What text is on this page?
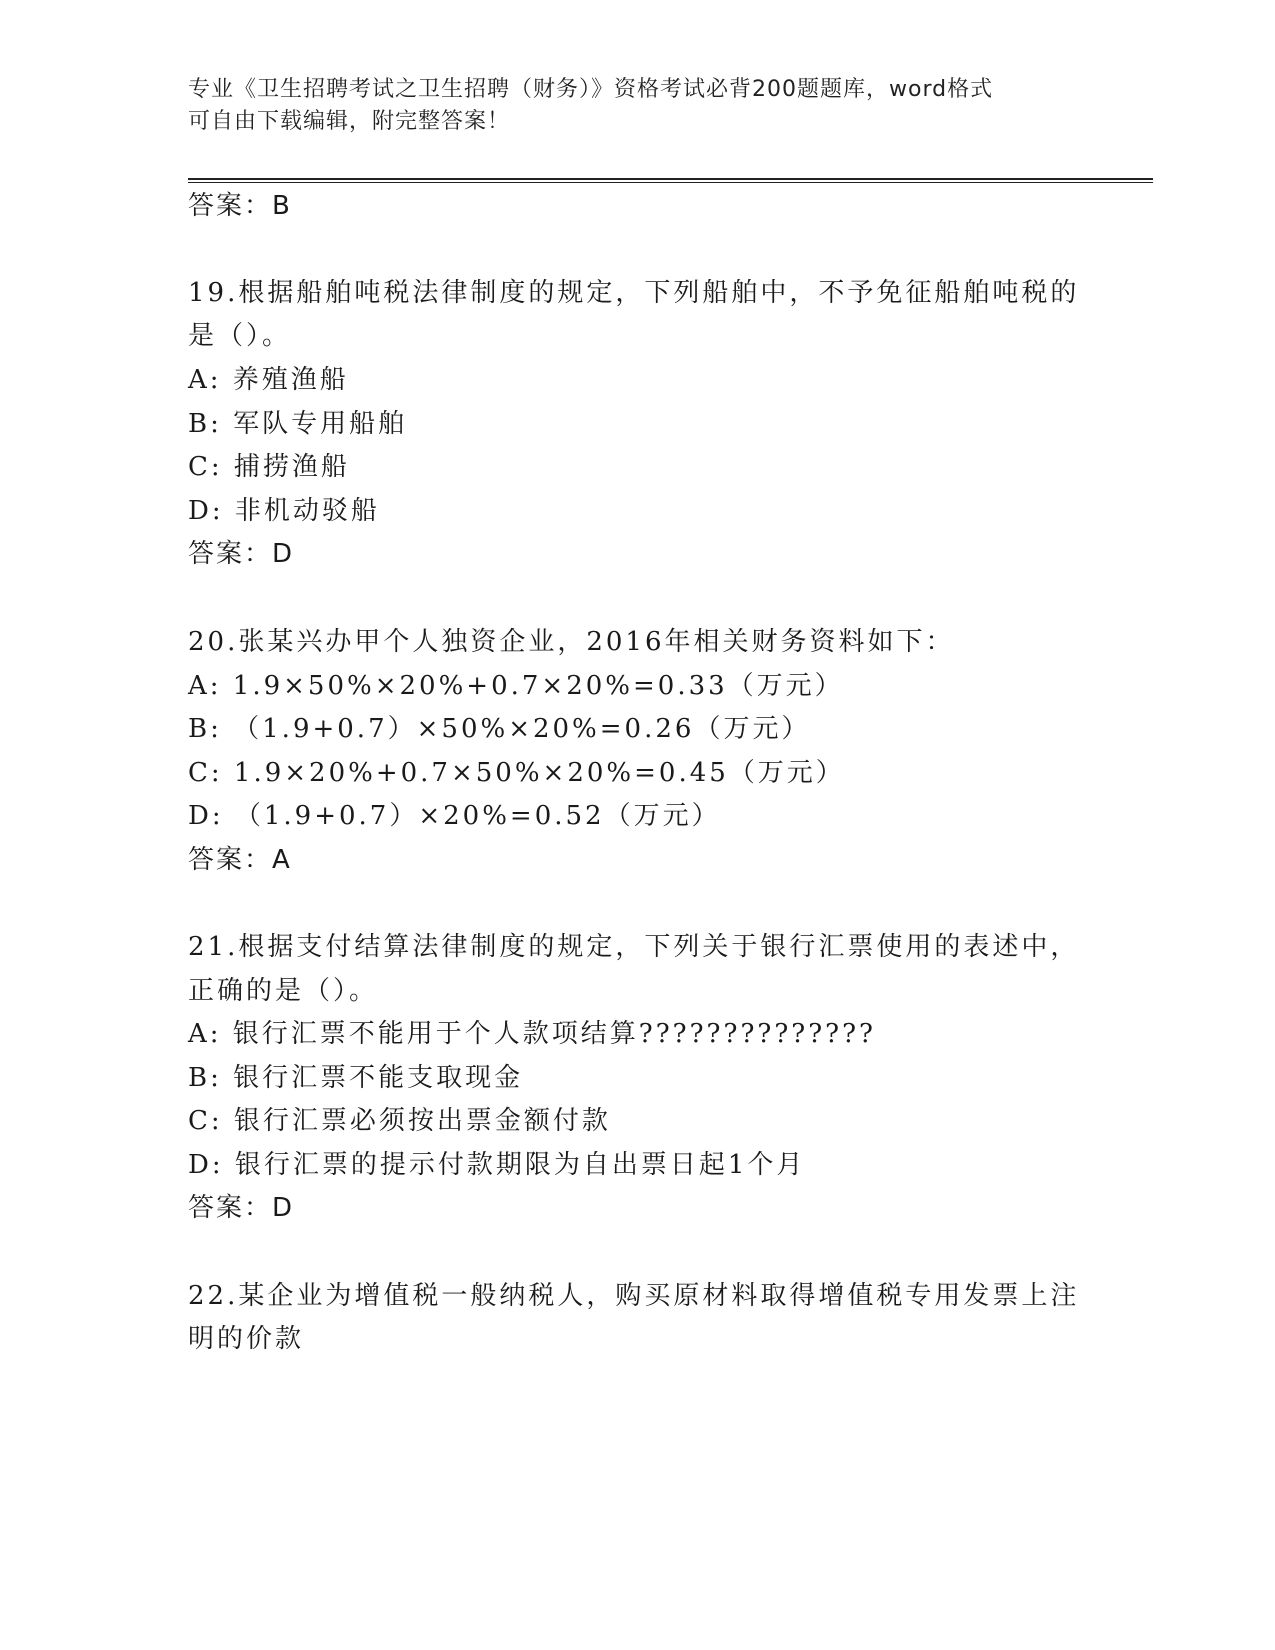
专业《卫生招聘考试之卫生招聘（财务）》资格考试必背200题题库，word格式
可自由下载编辑，附完整答案！
答案：B
19.根据船舶吨税法律制度的规定，下列船舶中，不予免征船舶吨税的
是（）。
A: 养殖渔船
B: 军队专用船舶
C: 捕捞渔船
D: 非机动驳船
答案：D
20.张某兴办甲个人独资企业，2016年相关财务资料如下：
A: 1.9×50%×20%+0.7×20%=0.33（万元）
B: （1.9+0.7）×50%×20%=0.26（万元）
C: 1.9×20%+0.7×50%×20%=0.45（万元）
D: （1.9+0.7）×20%=0.52（万元）
答案：A
21.根据支付结算法律制度的规定，下列关于银行汇票使用的表述中，
正确的是（）。
A: 银行汇票不能用于个人款项结算??????????????
B: 银行汇票不能支取现金
C: 银行汇票必须按出票金额付款
D: 银行汇票的提示付款期限为自出票日起1个月
答案：D
22.某企业为增值税一般纳税人，购买原材料取得增值税专用发票上注
明的价款
